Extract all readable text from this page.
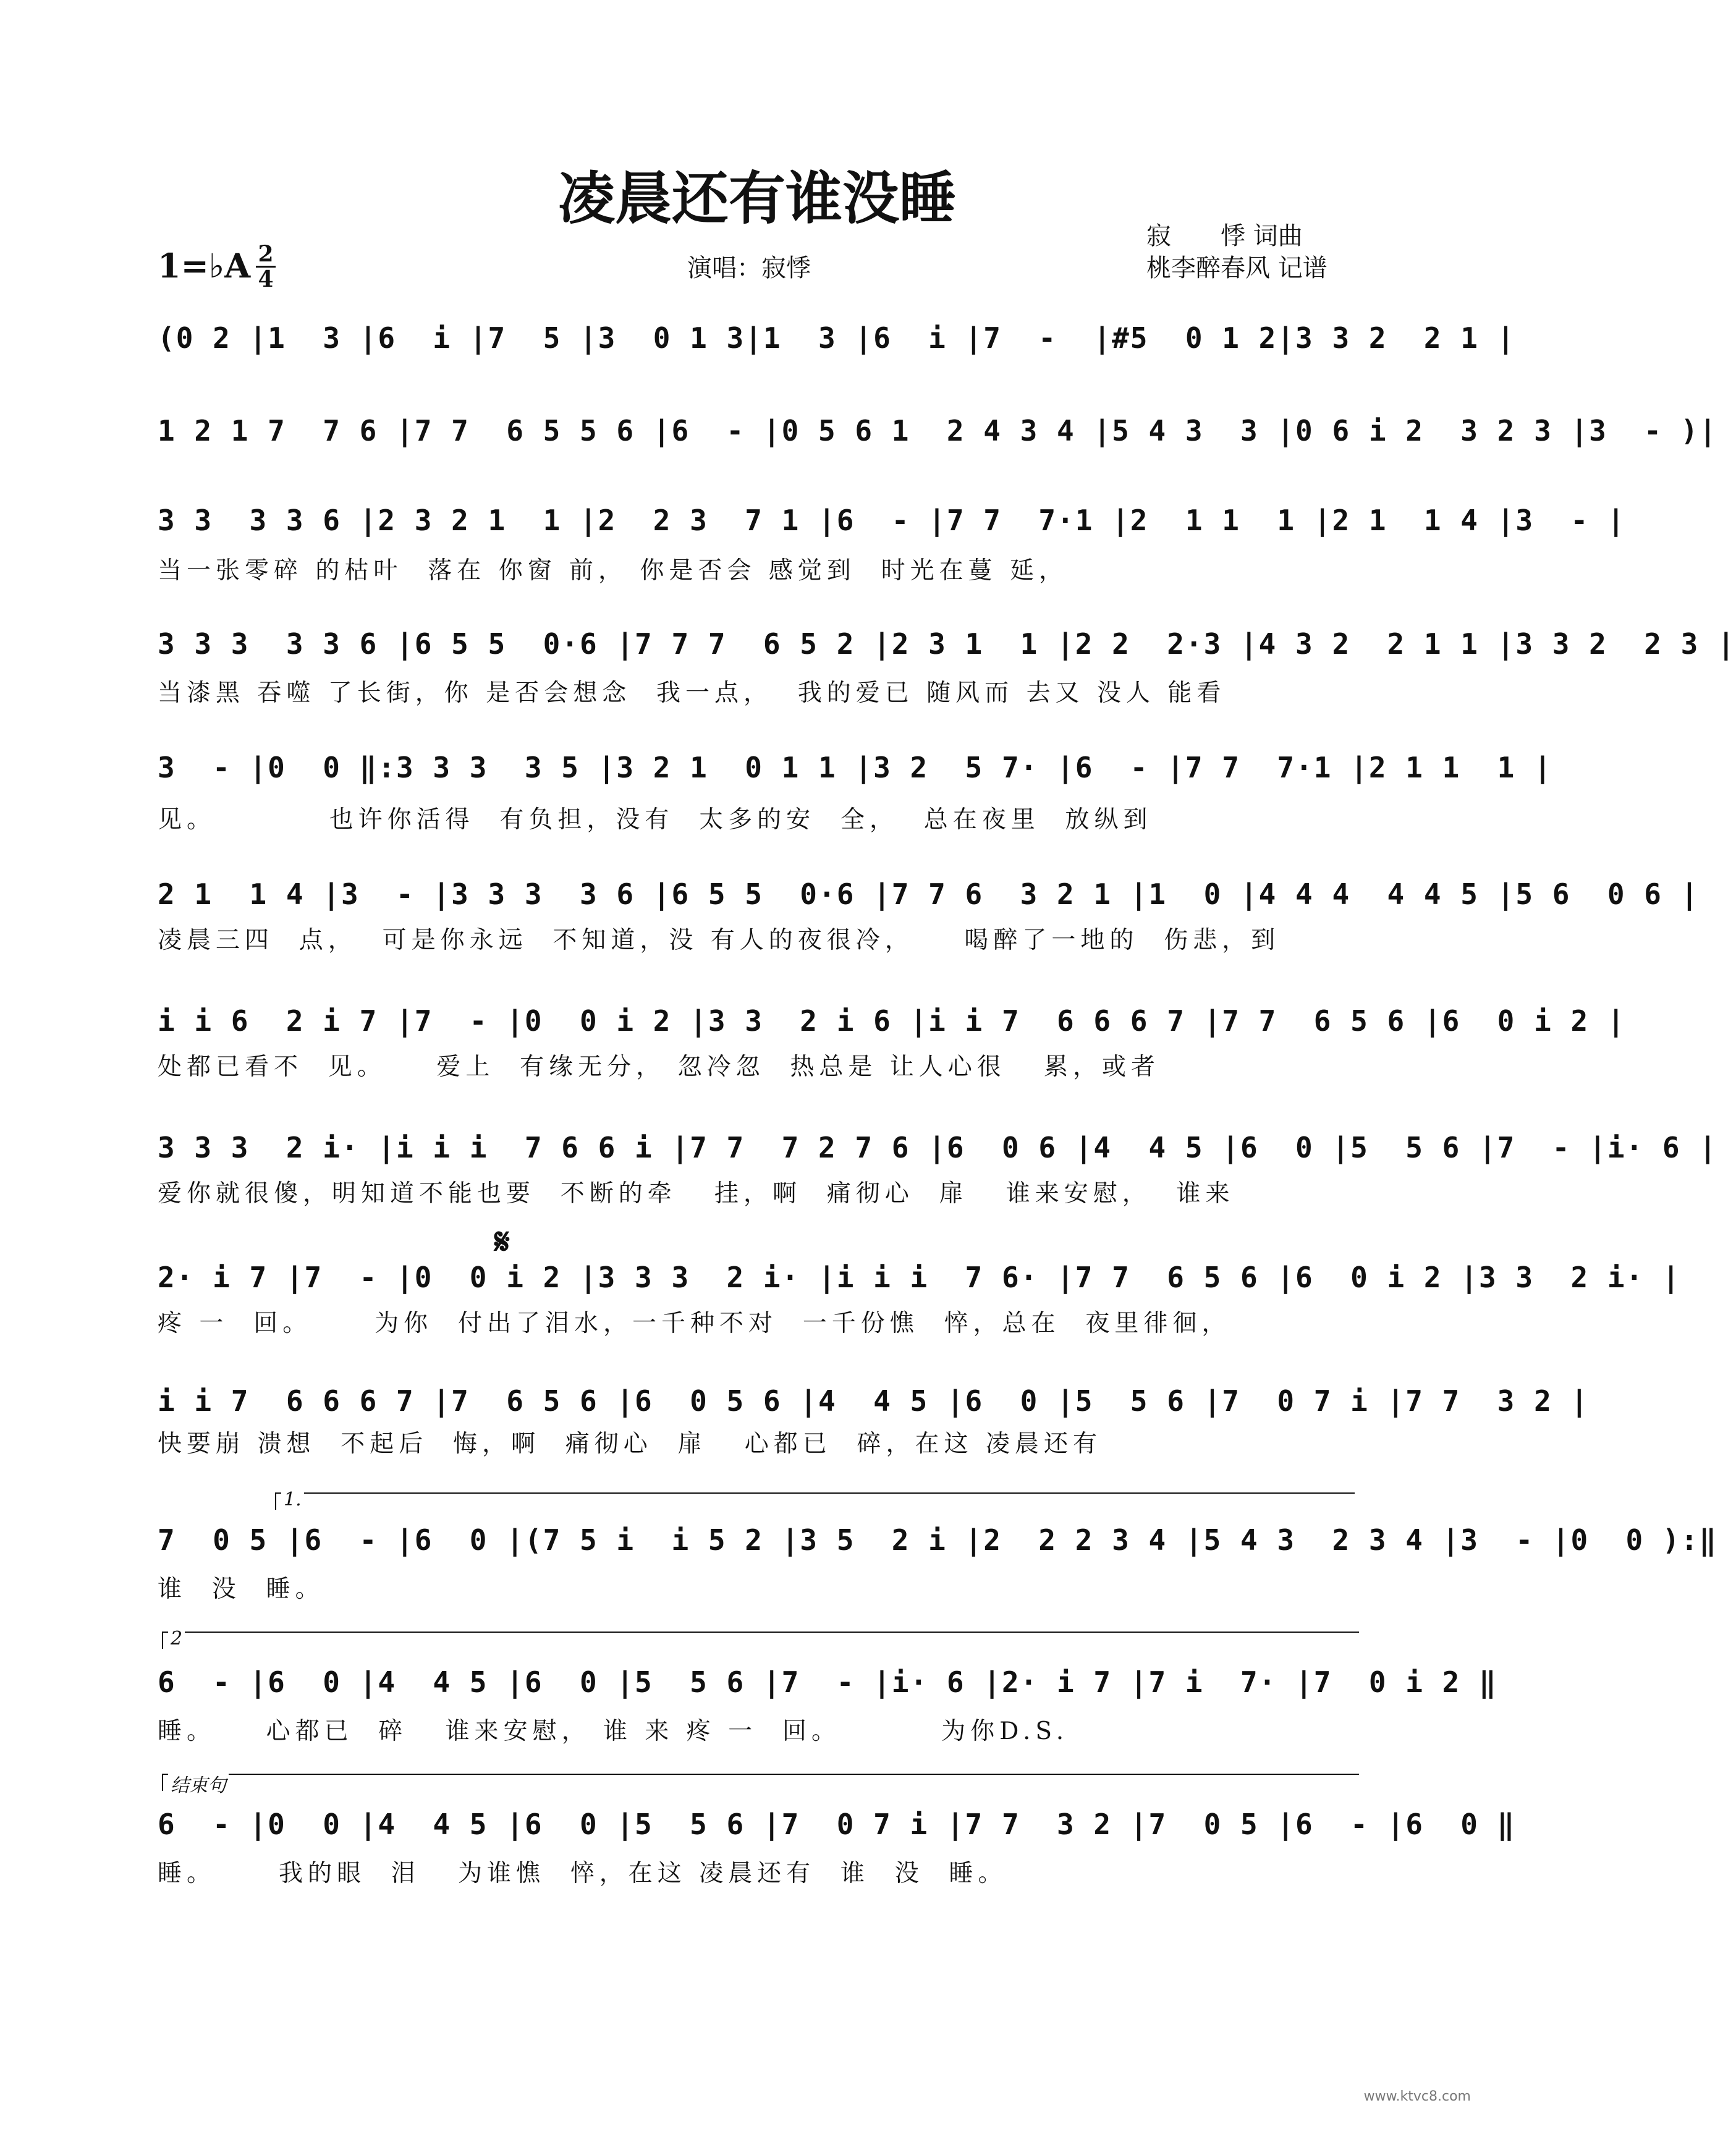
凌晨还有谁没睡
1=♭A 2
4	演唱：寂悸
寂　　悸 词曲
桃李醉春风 记谱
(0 2 |1  3 |6  i |7  5 |3  0 1 3|1  3 |6  i |7  -  |#5  0 1 2|3 3 2  2 1 |
1 2 1 7  7 6 |7 7  6 5 5 6 |6  - |0 5 6 1  2 4 3 4 |5 4 3  3 |0 6 i 2  3 2 3 |3  - )|
3 3  3 3 6 |2 3 2 1  1 |2  2 3  7 1 |6  - |7 7  7·1 |2  1 1  1 |2 1  1 4 |3  - |
当一张零碎 的枯叶  落在 你窗 前， 你是否会 感觉到  时光在蔓 延，
3 3 3  3 3 6 |6 5 5  0·6 |7 7 7  6 5 2 |2 3 1  1 |2 2  2·3 |4 3 2  2 1 1 |3 3 2  2 3 |
当漆黑 吞噬 了长街，你 是否会想念  我一点，  我的爱已 随风而 去又 没人 能看
3  - |0  0 ‖:3 3 3  3 5 |3 2 1  0 1 1 |3 2  5 7· |6  - |7 7  7·1 |2 1 1  1 |
见。         也许你活得  有负担，没有  太多的安  全，  总在夜里  放纵到
2 1  1 4 |3  - |3 3 3  3 6 |6 5 5  0·6 |7 7 6  3 2 1 |1  0 |4 4 4  4 4 5 |5 6  0 6 |
凌晨三四  点，  可是你永远  不知道，没 有人的夜很冷，    喝醉了一地的  伤悲，到
i i 6  2 i 7 |7  - |0  0 i 2 |3 3  2 i 6 |i i 7  6 6 6 7 |7 7  6 5 6 |6  0 i 2 |
处都已看不  见。    爱上  有缘无分， 忽冷忽  热总是 让人心很   累，或者
3 3 3  2 i· |i i i  7 6 6 i |7 7  7 2 7 6 |6  0 6 |4  4 5 |6  0 |5  5 6 |7  - |i· 6 |
爱你就很傻，明知道不能也要  不断的牵   挂，啊  痛彻心  扉   谁来安慰，  谁来
𝄋
2· i 7 |7  - |0  0 i 2 |3 3 3  2 i· |i i i  7 6· |7 7  6 5 6 |6  0 i 2 |3 3  2 i· |
疼 一  回。     为你  付出了泪水，一千种不对  一千份憔  悴，总在  夜里徘徊，
i i 7  6 6 6 7 |7  6 5 6 |6  0 5 6 |4  4 5 |6  0 |5  5 6 |7  0 7 i |7 7  3 2 |
快要崩 溃想  不起后  悔，啊  痛彻心  扉   心都已  碎，在这 凌晨还有
1.
7  0 5 |6  - |6  0 |(7 5 i  i 5 2 |3 5  2 i |2  2 2 3 4 |5 4 3  2 3 4 |3  - |0  0 ):‖
谁  没  睡。
2
6  - |6  0 |4  4 5 |6  0 |5  5 6 |7  - |i· 6 |2· i 7 |7 i  7· |7  0 i 2 ‖
睡。    心都已  碎   谁来安慰， 谁 来 疼 一  回。        为你D.S.
结束句
6  - |0  0 |4  4 5 |6  0 |5  5 6 |7  0 7 i |7 7  3 2 |7  0 5 |6  - |6  0 ‖
睡。     我的眼  泪   为谁憔  悴，在这 凌晨还有  谁  没  睡。
www.ktvc8.com
